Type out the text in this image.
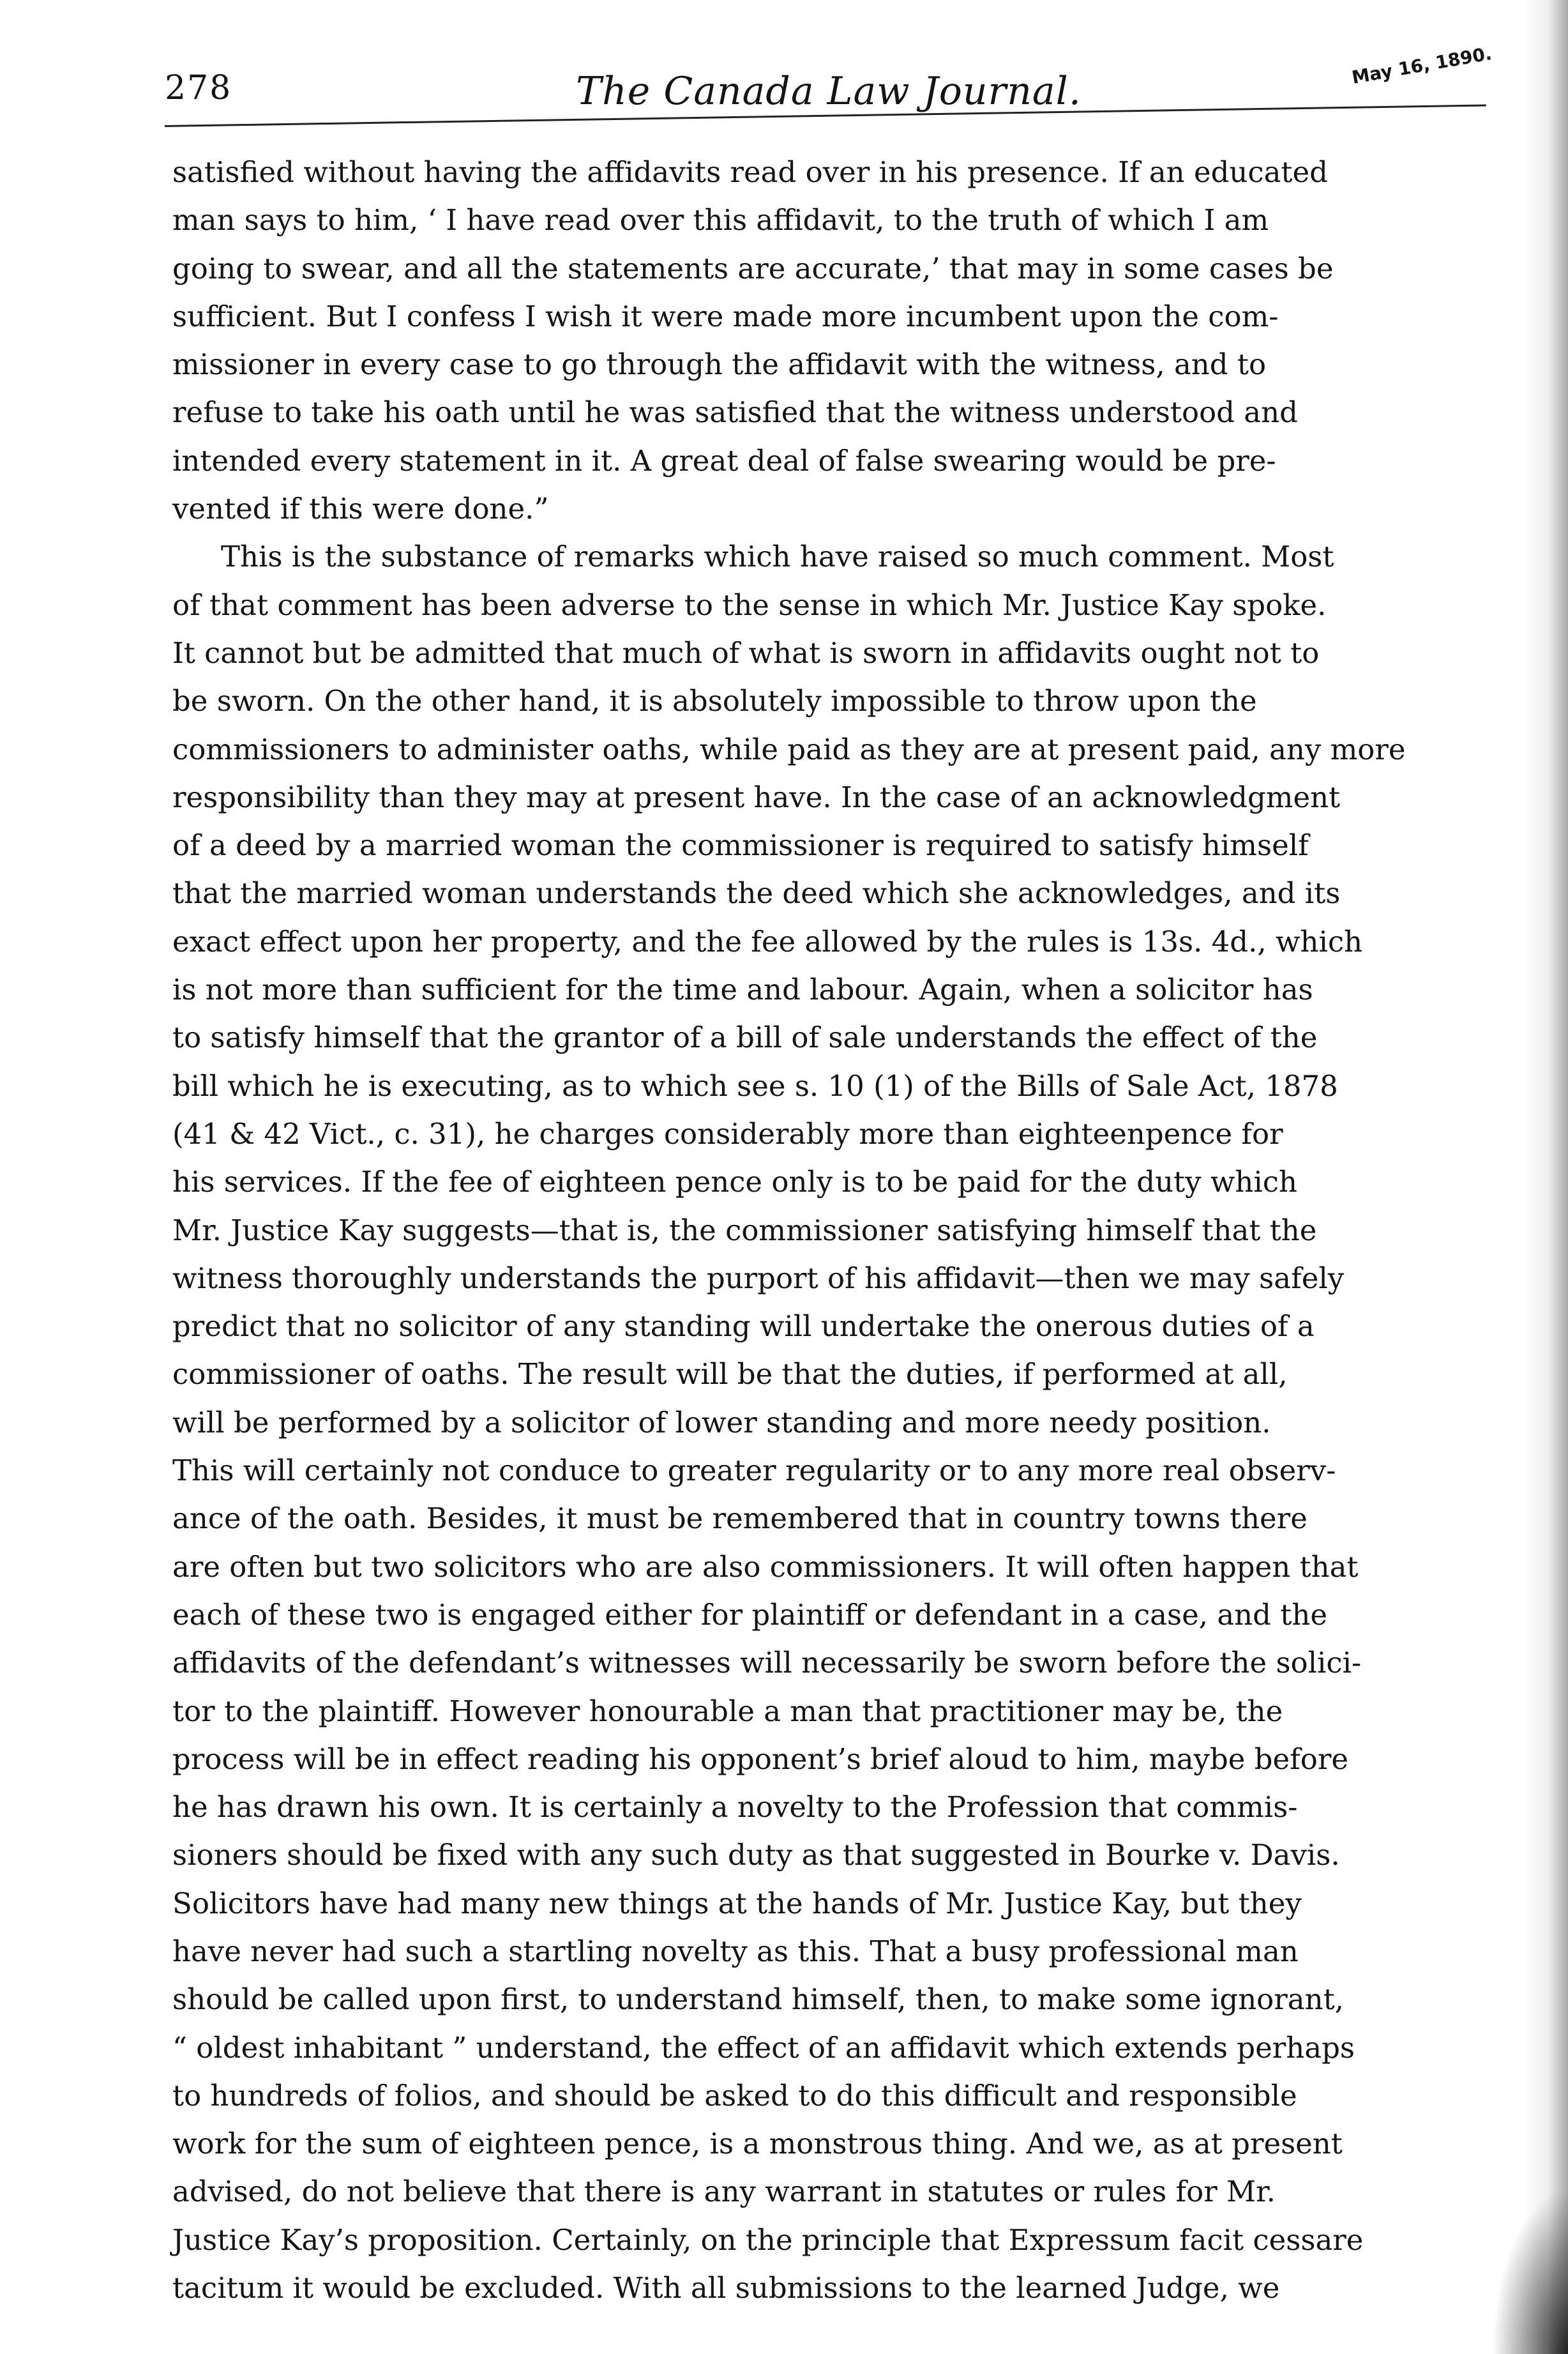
278	The Canada Law Journal.
May 16, 1890.
satisfied without having the affidavits read over in his presence. If an educated
man says to him, ‘ I have read over this affidavit, to the truth of which I am
going to swear, and all the statements are accurate,’ that may in some cases be
sufficient. But I confess I wish it were made more incumbent upon the com-
missioner in every case to go through the affidavit with the witness, and to
refuse to take his oath until he was satisfied that the witness understood and
intended every statement in it. A great deal of false swearing would be pre-
vented if this were done.”
This is the substance of remarks which have raised so much comment. Most
of that comment has been adverse to the sense in which Mr. Justice Kay spoke.
It cannot but be admitted that much of what is sworn in affidavits ought not to
be sworn. On the other hand, it is absolutely impossible to throw upon the
commissioners to administer oaths, while paid as they are at present paid, any more
responsibility than they may at present have. In the case of an acknowledgment
of a deed by a married woman the commissioner is required to satisfy himself
that the married woman understands the deed which she acknowledges, and its
exact effect upon her property, and the fee allowed by the rules is 13s. 4d., which
is not more than sufficient for the time and labour. Again, when a solicitor has
to satisfy himself that the grantor of a bill of sale understands the effect of the
bill which he is executing, as to which see s. 10 (1) of the Bills of Sale Act, 1878
(41 & 42 Vict., c. 31), he charges considerably more than eighteenpence for
his services. If the fee of eighteen pence only is to be paid for the duty which
Mr. Justice Kay suggests—that is, the commissioner satisfying himself that the
witness thoroughly understands the purport of his affidavit—then we may safely
predict that no solicitor of any standing will undertake the onerous duties of a
commissioner of oaths. The result will be that the duties, if performed at all,
will be performed by a solicitor of lower standing and more needy position.
This will certainly not conduce to greater regularity or to any more real observ-
ance of the oath. Besides, it must be remembered that in country towns there
are often but two solicitors who are also commissioners. It will often happen that
each of these two is engaged either for plaintiff or defendant in a case, and the
affidavits of the defendant’s witnesses will necessarily be sworn before the solici-
tor to the plaintiff. However honourable a man that practitioner may be, the
process will be in effect reading his opponent’s brief aloud to him, maybe before
he has drawn his own. It is certainly a novelty to the Profession that commis-
sioners should be fixed with any such duty as that suggested in Bourke v. Davis.
Solicitors have had many new things at the hands of Mr. Justice Kay, but they
have never had such a startling novelty as this. That a busy professional man
should be called upon first, to understand himself, then, to make some ignorant,
“ oldest inhabitant ” understand, the effect of an affidavit which extends perhaps
to hundreds of folios, and should be asked to do this difficult and responsible
work for the sum of eighteen pence, is a monstrous thing. And we, as at present
advised, do not believe that there is any warrant in statutes or rules for Mr.
Justice Kay’s proposition. Certainly, on the principle that Expressum facit cessare
tacitum it would be excluded. With all submissions to the learned Judge, we
